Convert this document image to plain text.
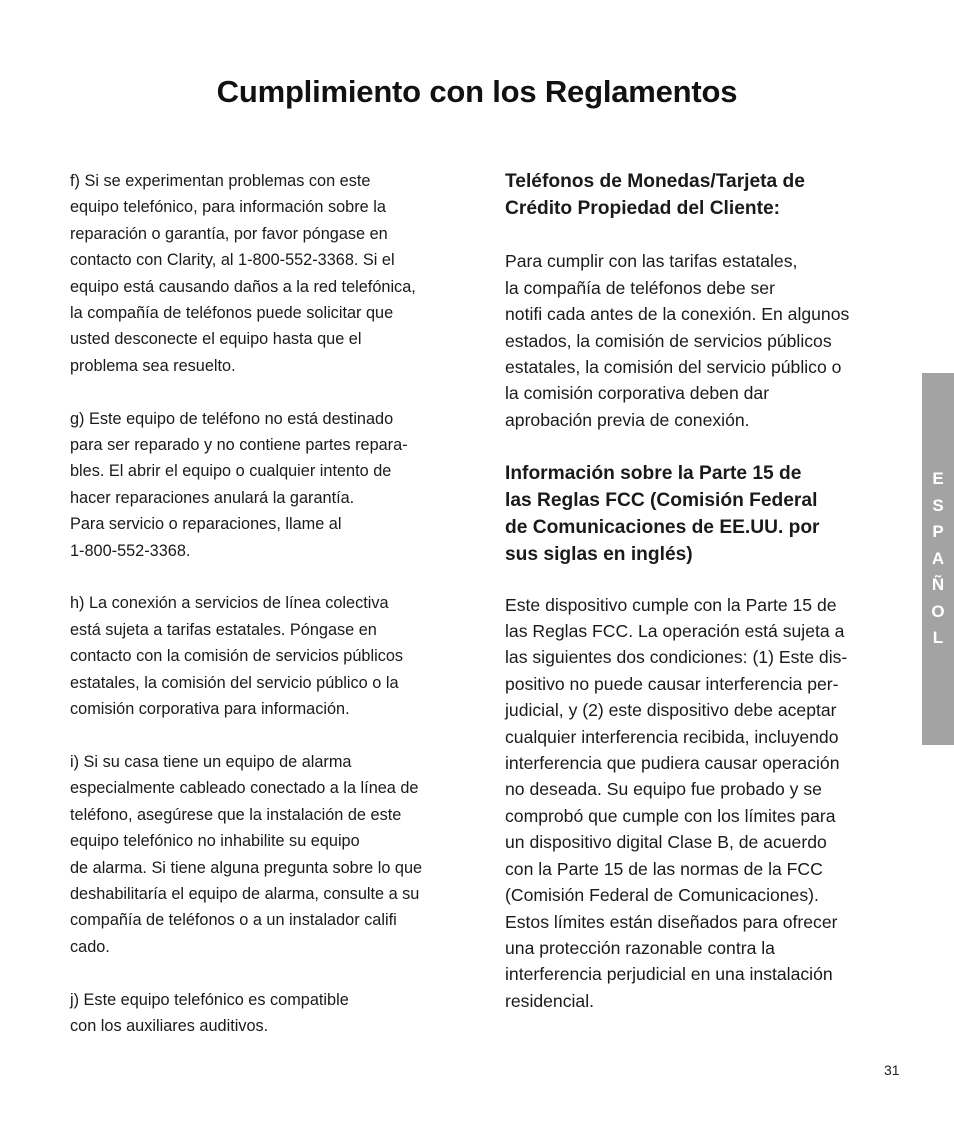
Cumplimiento con los Reglamentos
f) Si se experimentan problemas con este
equipo telefónico, para información sobre la
reparación o garantía, por favor póngase en
contacto con Clarity, al 1-800-552-3368. Si el
equipo está causando daños a la red telefónica,
la compañía de teléfonos puede solicitar que
usted desconecte el equipo hasta que el
problema sea resuelto.
g) Este equipo de teléfono no está destinado
para ser reparado y no contiene partes repara-
bles. El abrir el equipo o cualquier intento de
hacer reparaciones anulará la garantía.
Para servicio o reparaciones, llame al
1-800-552-3368.
h) La conexión a servicios de línea colectiva
está sujeta a tarifas estatales. Póngase en
contacto con la comisión de servicios públicos
estatales, la comisión del servicio público o la
comisión corporativa para información.
i) Si su casa tiene un equipo de alarma
especialmente cableado conectado a la línea de
teléfono, asegúrese que la instalación de este
equipo telefónico no inhabilite su equipo
de alarma. Si tiene alguna pregunta sobre lo que
deshabilitaría el equipo de alarma, consulte a su
compañía de teléfonos o a un instalador califi
cado.
j) Este equipo telefónico es compatible
con los auxiliares auditivos.
Teléfonos de Monedas/Tarjeta de
Crédito Propiedad del Cliente:
Para cumplir con las tarifas estatales,
la compañía de teléfonos debe ser
notifi cada antes de la conexión. En algunos
estados, la comisión de servicios públicos
estatales, la comisión del servicio público o
la comisión corporativa deben dar
aprobación previa de conexión.
Información sobre la Parte 15 de
las Reglas FCC (Comisión Federal
de Comunicaciones de EE.UU. por
sus siglas en inglés)
Este dispositivo cumple con la Parte 15 de
las Reglas FCC. La operación está sujeta a
las siguientes dos condiciones: (1) Este dis-
positivo no puede causar interferencia per-
judicial, y (2) este dispositivo debe aceptar
cualquier interferencia recibida, incluyendo
interferencia que pudiera causar operación
no deseada. Su equipo fue probado y se
comprobó que cumple con los límites para
un dispositivo digital Clase B, de acuerdo
con la Parte 15 de las normas de la FCC
(Comisión Federal de Comunicaciones).
Estos límites están diseñados para ofrecer
una protección razonable contra la
interferencia perjudicial en una instalación
residencial.
E
S
P
A
Ñ
O
L
31
